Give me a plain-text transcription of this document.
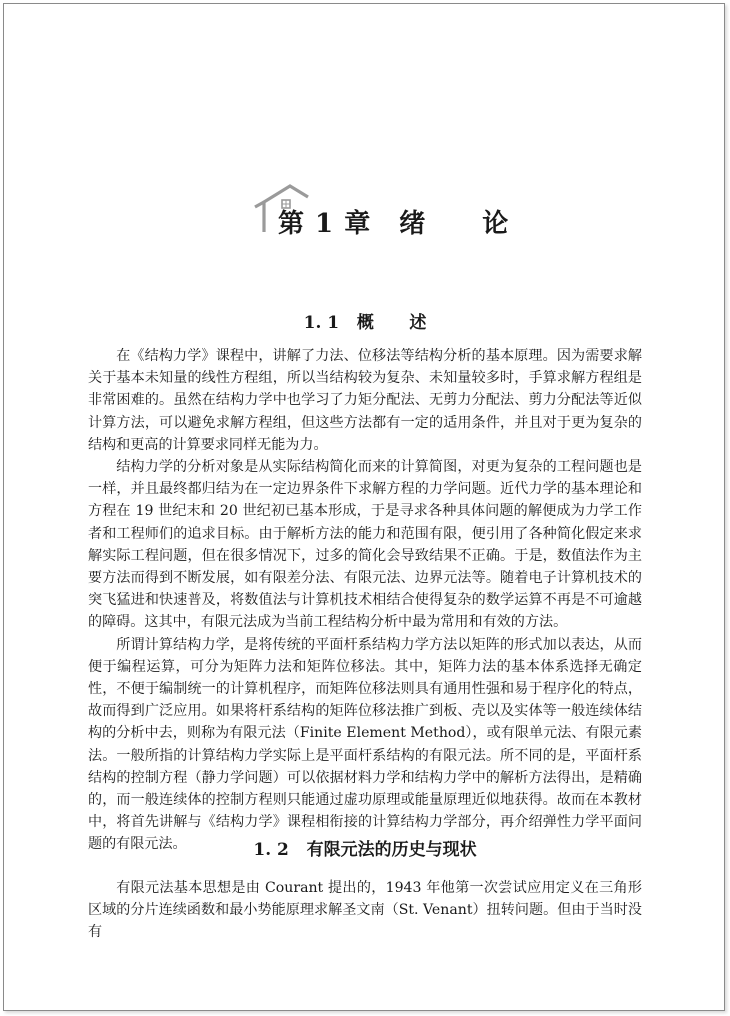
第 1 章 绪 论
1. 1   概      述

在《结构力学》课程中，讲解了力法、位移法等结构分析的基本原理。因为需要求解关于基本未知量的线性方程组，所以当结构较为复杂、未知量较多时，手算求解方程组是非常困难的。虽然在结构力学中也学习了力矩分配法、无剪力分配法、剪力分配法等近似计算方法，可以避免求解方程组，但这些方法都有一定的适用条件，并且对于更为复杂的结构和更高的计算要求同样无能为力。

结构力学的分析对象是从实际结构简化而来的计算简图，对更为复杂的工程问题也是一样，并且最终都归结为在一定边界条件下求解方程的力学问题。近代力学的基本理论和方程在 19 世纪末和 20 世纪初已基本形成，于是寻求各种具体问题的解便成为力学工作者和工程师们的追求目标。由于解析方法的能力和范围有限，便引用了各种简化假定来求解实际工程问题，但在很多情况下，过多的简化会导致结果不正确。于是，数值法作为主要方法而得到不断发展，如有限差分法、有限元法、边界元法等。随着电子计算机技术的突飞猛进和快速普及，将数值法与计算机技术相结合使得复杂的数学运算不再是不可逾越的障碍。这其中，有限元法成为当前工程结构分析中最为常用和有效的方法。

所谓计算结构力学，是将传统的平面杆系结构力学方法以矩阵的形式加以表达，从而便于编程运算，可分为矩阵力法和矩阵位移法。其中，矩阵力法的基本体系选择无确定性，不便于编制统一的计算机程序，而矩阵位移法则具有通用性强和易于程序化的特点，故而得到广泛应用。如果将杆系结构的矩阵位移法推广到板、壳以及实体等一般连续体结构的分析中去，则称为有限元法（Finite Element Method），或有限单元法、有限元素法。一般所指的计算结构力学实际上是平面杆系结构的有限元法。所不同的是，平面杆系结构的控制方程（静力学问题）可以依据材料力学和结构力学中的解析方法得出，是精确的，而一般连续体的控制方程则只能通过虚功原理或能量原理近似地获得。故而在本教材中，将首先讲解与《结构力学》课程相衔接的计算结构力学部分，再介绍弹性力学平面问题的有限元法。	1. 2   有限元法的历史与现状

有限元法基本思想是由 Courant 提出的，1943 年他第一次尝试应用定义在三角形区域的分片连续函数和最小势能原理求解圣文南（St. Venant）扭转问题。但由于当时没有
